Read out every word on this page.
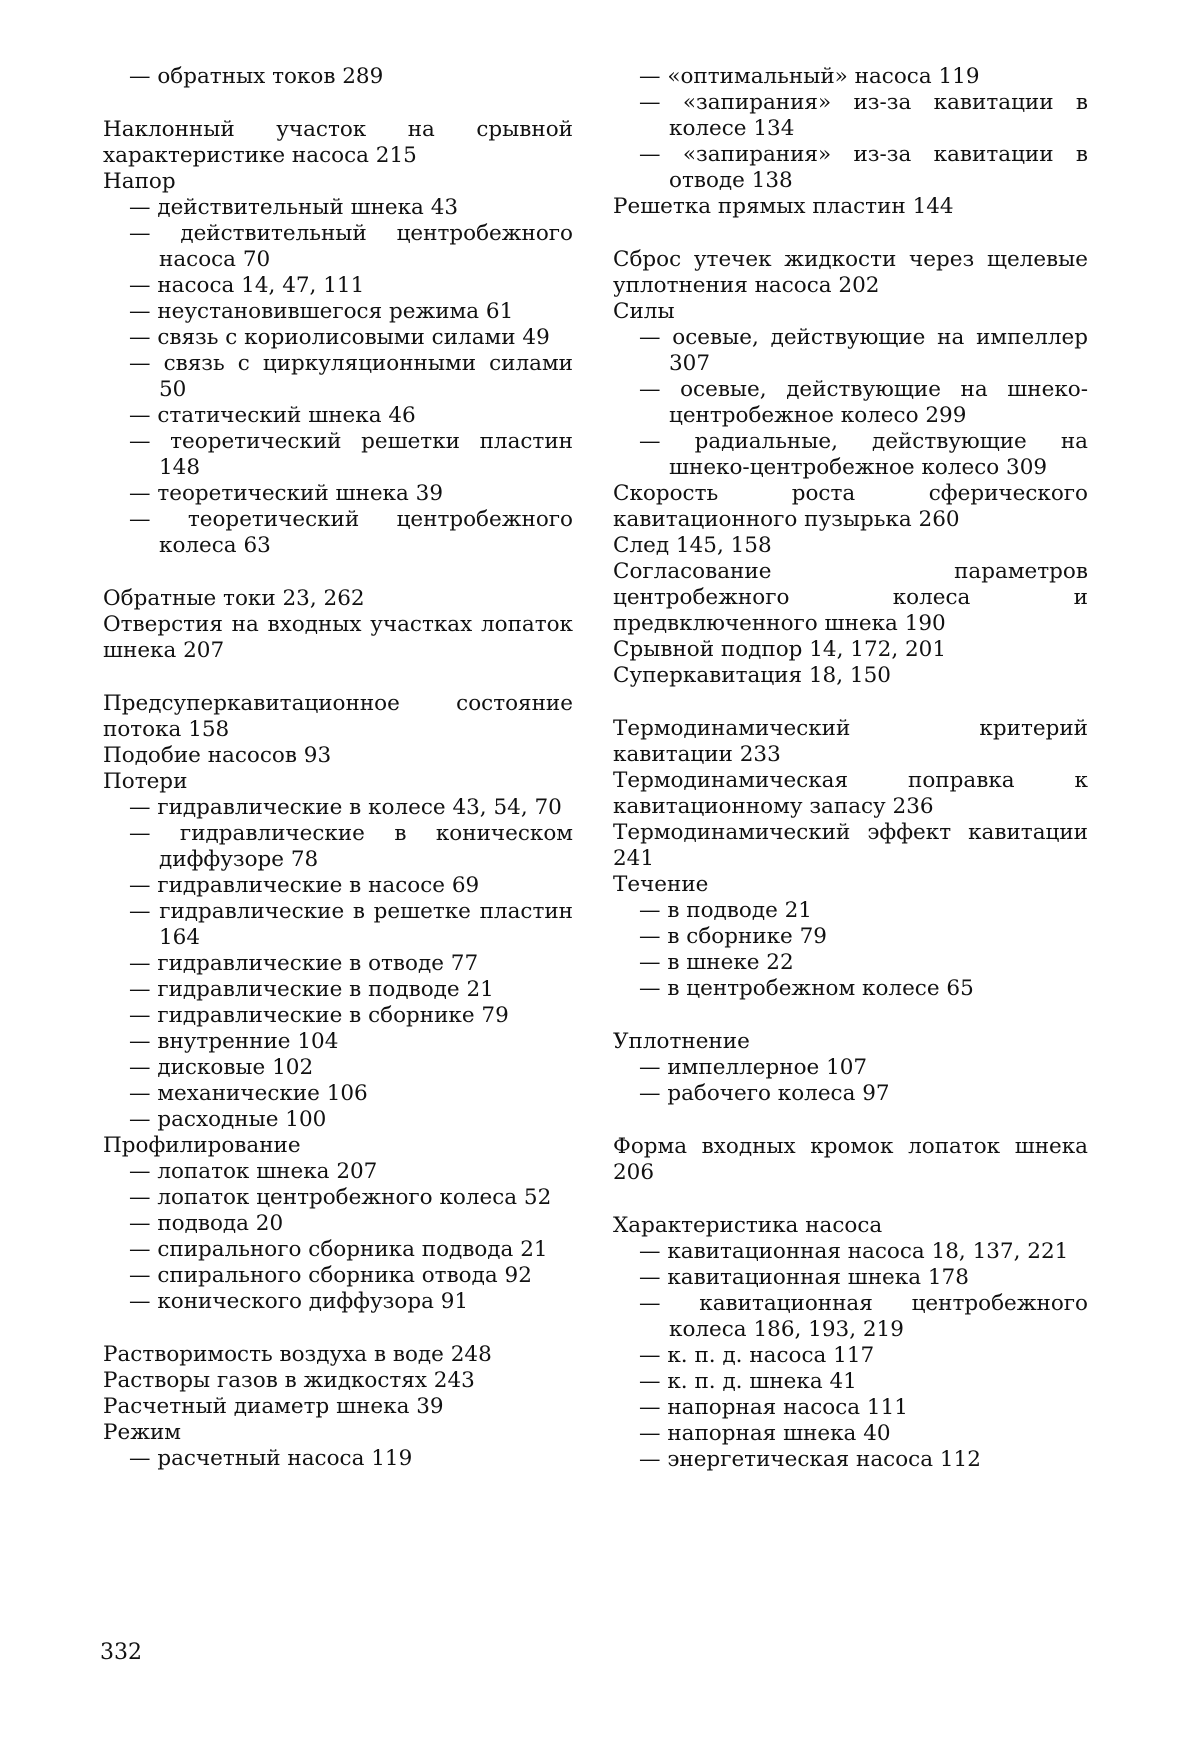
— обратных токов 289
Наклонный участок на срывной характеристике насоса 215
Напор
— действительный шнека 43
— действительный центробежного насоса 70
— насоса 14, 47, 111
— неустановившегося режима 61
— связь с кориолисовыми силами 49
— связь с циркуляционными силами 50
— статический шнека 46
— теоретический решетки пластин 148
— теоретический шнека 39
— теоретический центробежного колеса 63
Обратные токи 23, 262
Отверстия на входных участках лопаток шнека 207
Предсуперкавитационное состояние потока 158
Подобие насосов 93
Потери
— гидравлические в колесе 43, 54, 70
— гидравлические в коническом диффузоре 78
— гидравлические в насосе 69
— гидравлические в решетке пластин 164
— гидравлические в отводе 77
— гидравлические в подводе 21
— гидравлические в сборнике 79
— внутренние 104
— дисковые 102
— механические 106
— расходные 100
Профилирование
— лопаток шнека 207
— лопаток центробежного колеса 52
— подвода 20
— спирального сборника подвода 21
— спирального сборника отвода 92
— конического диффузора 91
Растворимость воздуха в воде 248
Растворы газов в жидкостях 243
Расчетный диаметр шнека 39
Режим
— расчетный насоса 119
— «оптимальный» насоса 119
— «запирания» из-за кавитации в колесе 134
— «запирания» из-за кавитации в отводе 138
Решетка прямых пластин 144
Сброс утечек жидкости через щелевые уплотнения насоса 202
Силы
— осевые, действующие на импеллер 307
— осевые, действующие на шнеко-центробежное колесо 299
— радиальные, действующие на шнеко-центробежное колесо 309
Скорость роста сферического кавитационного пузырька 260
След 145, 158
Согласование параметров центробежного колеса и предвключенного шнека 190
Срывной подпор 14, 172, 201
Суперкавитация 18, 150
Термодинамический критерий кавитации 233
Термодинамическая поправка к кавитационному запасу 236
Термодинамический эффект кавитации 241
Течение
— в подводе 21
— в сборнике 79
— в шнеке 22
— в центробежном колесе 65
Уплотнение
— импеллерное 107
— рабочего колеса 97
Форма входных кромок лопаток шнека 206
Характеристика насоса
— кавитационная насоса 18, 137, 221
— кавитационная шнека 178
— кавитационная центробежного колеса 186, 193, 219
— к. п. д. насоса 117
— к. п. д. шнека 41
— напорная насоса 111
— напорная шнека 40
— энергетическая насоса 112
332
